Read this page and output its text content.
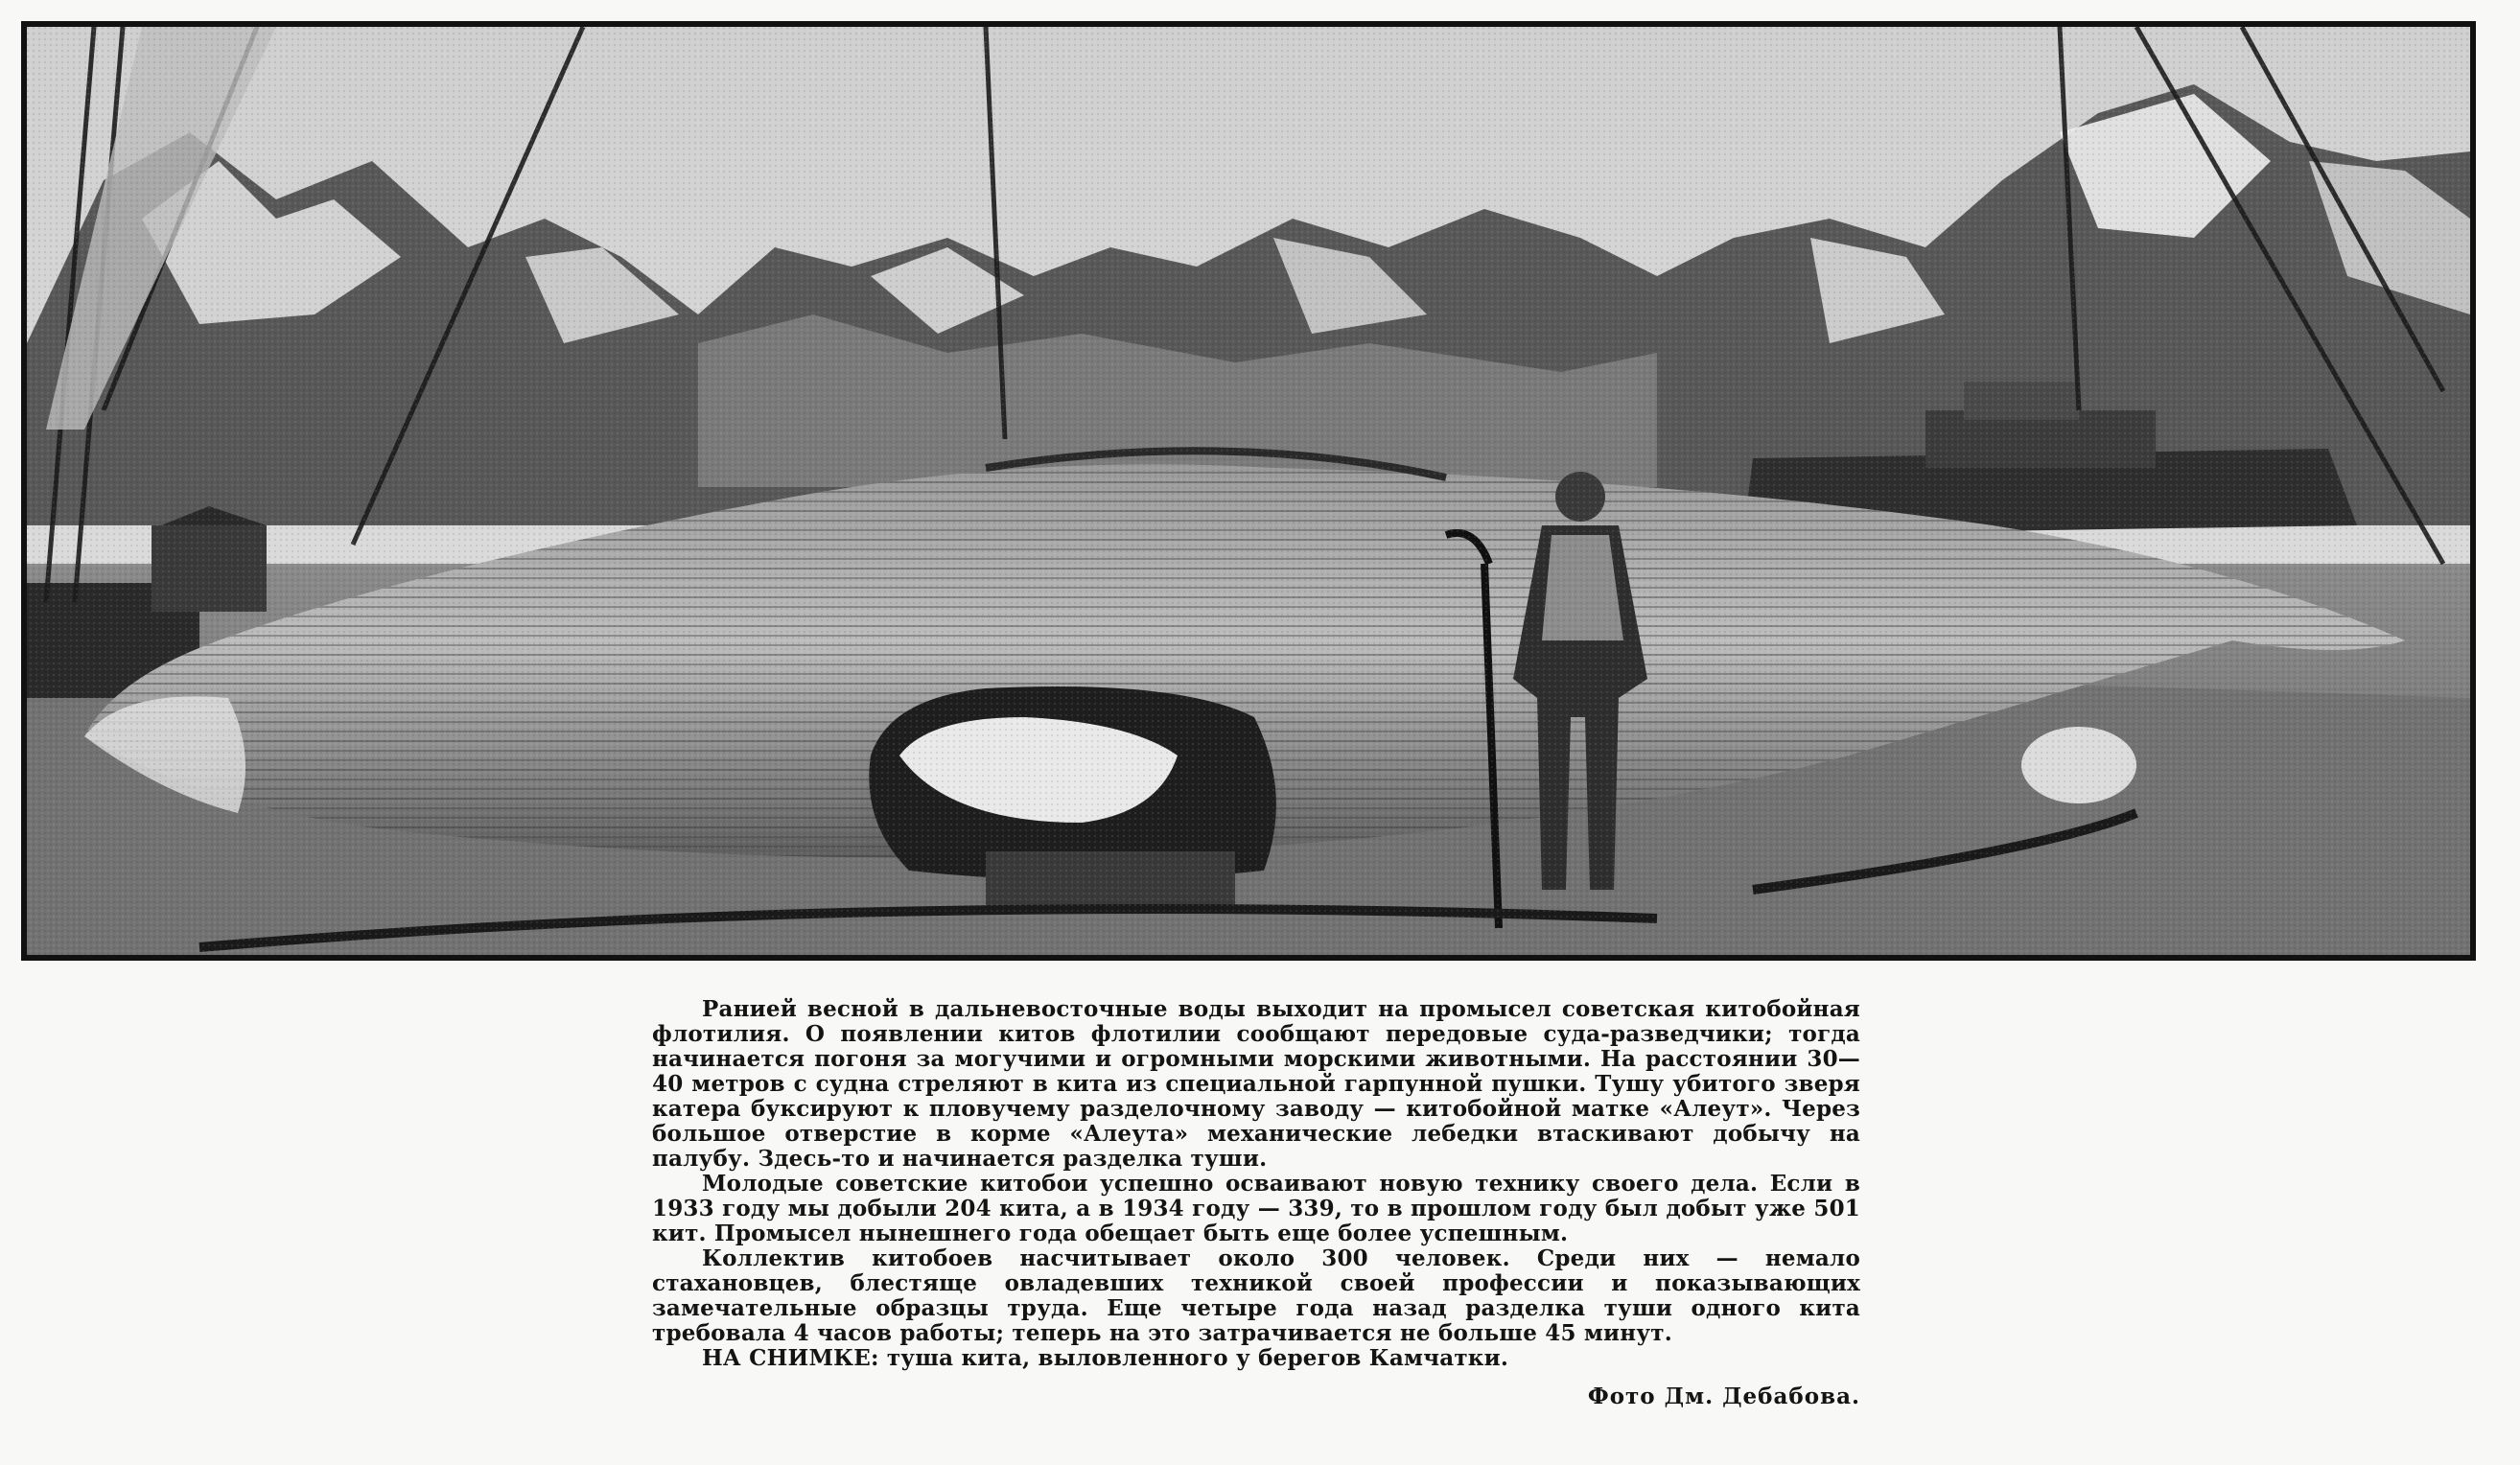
Ранией весной в дальневосточные воды выходит на промысел советская китобойная флотилия. О появлении китов флотилии сообщают передовые суда-разведчики; тогда начинается погоня за могучими и огромными морскими животными. На расстоянии 30—40 метров с судна стреляют в кита из специальной гарпунной пушки. Тушу убитого зверя катера буксируют к пловучему разделочному заводу — китобойной матке «Алеут». Через большое отверстие в корме «Алеута» механические лебедки втаскивают добычу на палубу. Здесь-то и начинается разделка туши.

Молодые советские китобои успешно осваивают новую технику своего дела. Если в 1933 году мы добыли 204 кита, а в 1934 году — 339, то в прошлом году был добыт уже 501 кит. Промысел нынешнего года обещает быть еще более успешным.

Коллектив китобоев насчитывает около 300 человек. Среди них — немало стахановцев, блестяще овладевших техникой своей профессии и показывающих замечательные образцы труда. Еще четыре года назад разделка туши одного кита требовала 4 часов работы; теперь на это затрачивается не больше 45 минут.

НА СНИМКЕ: туша кита, выловленного у берегов Камчатки.

Фото Дм. Дебабова.
